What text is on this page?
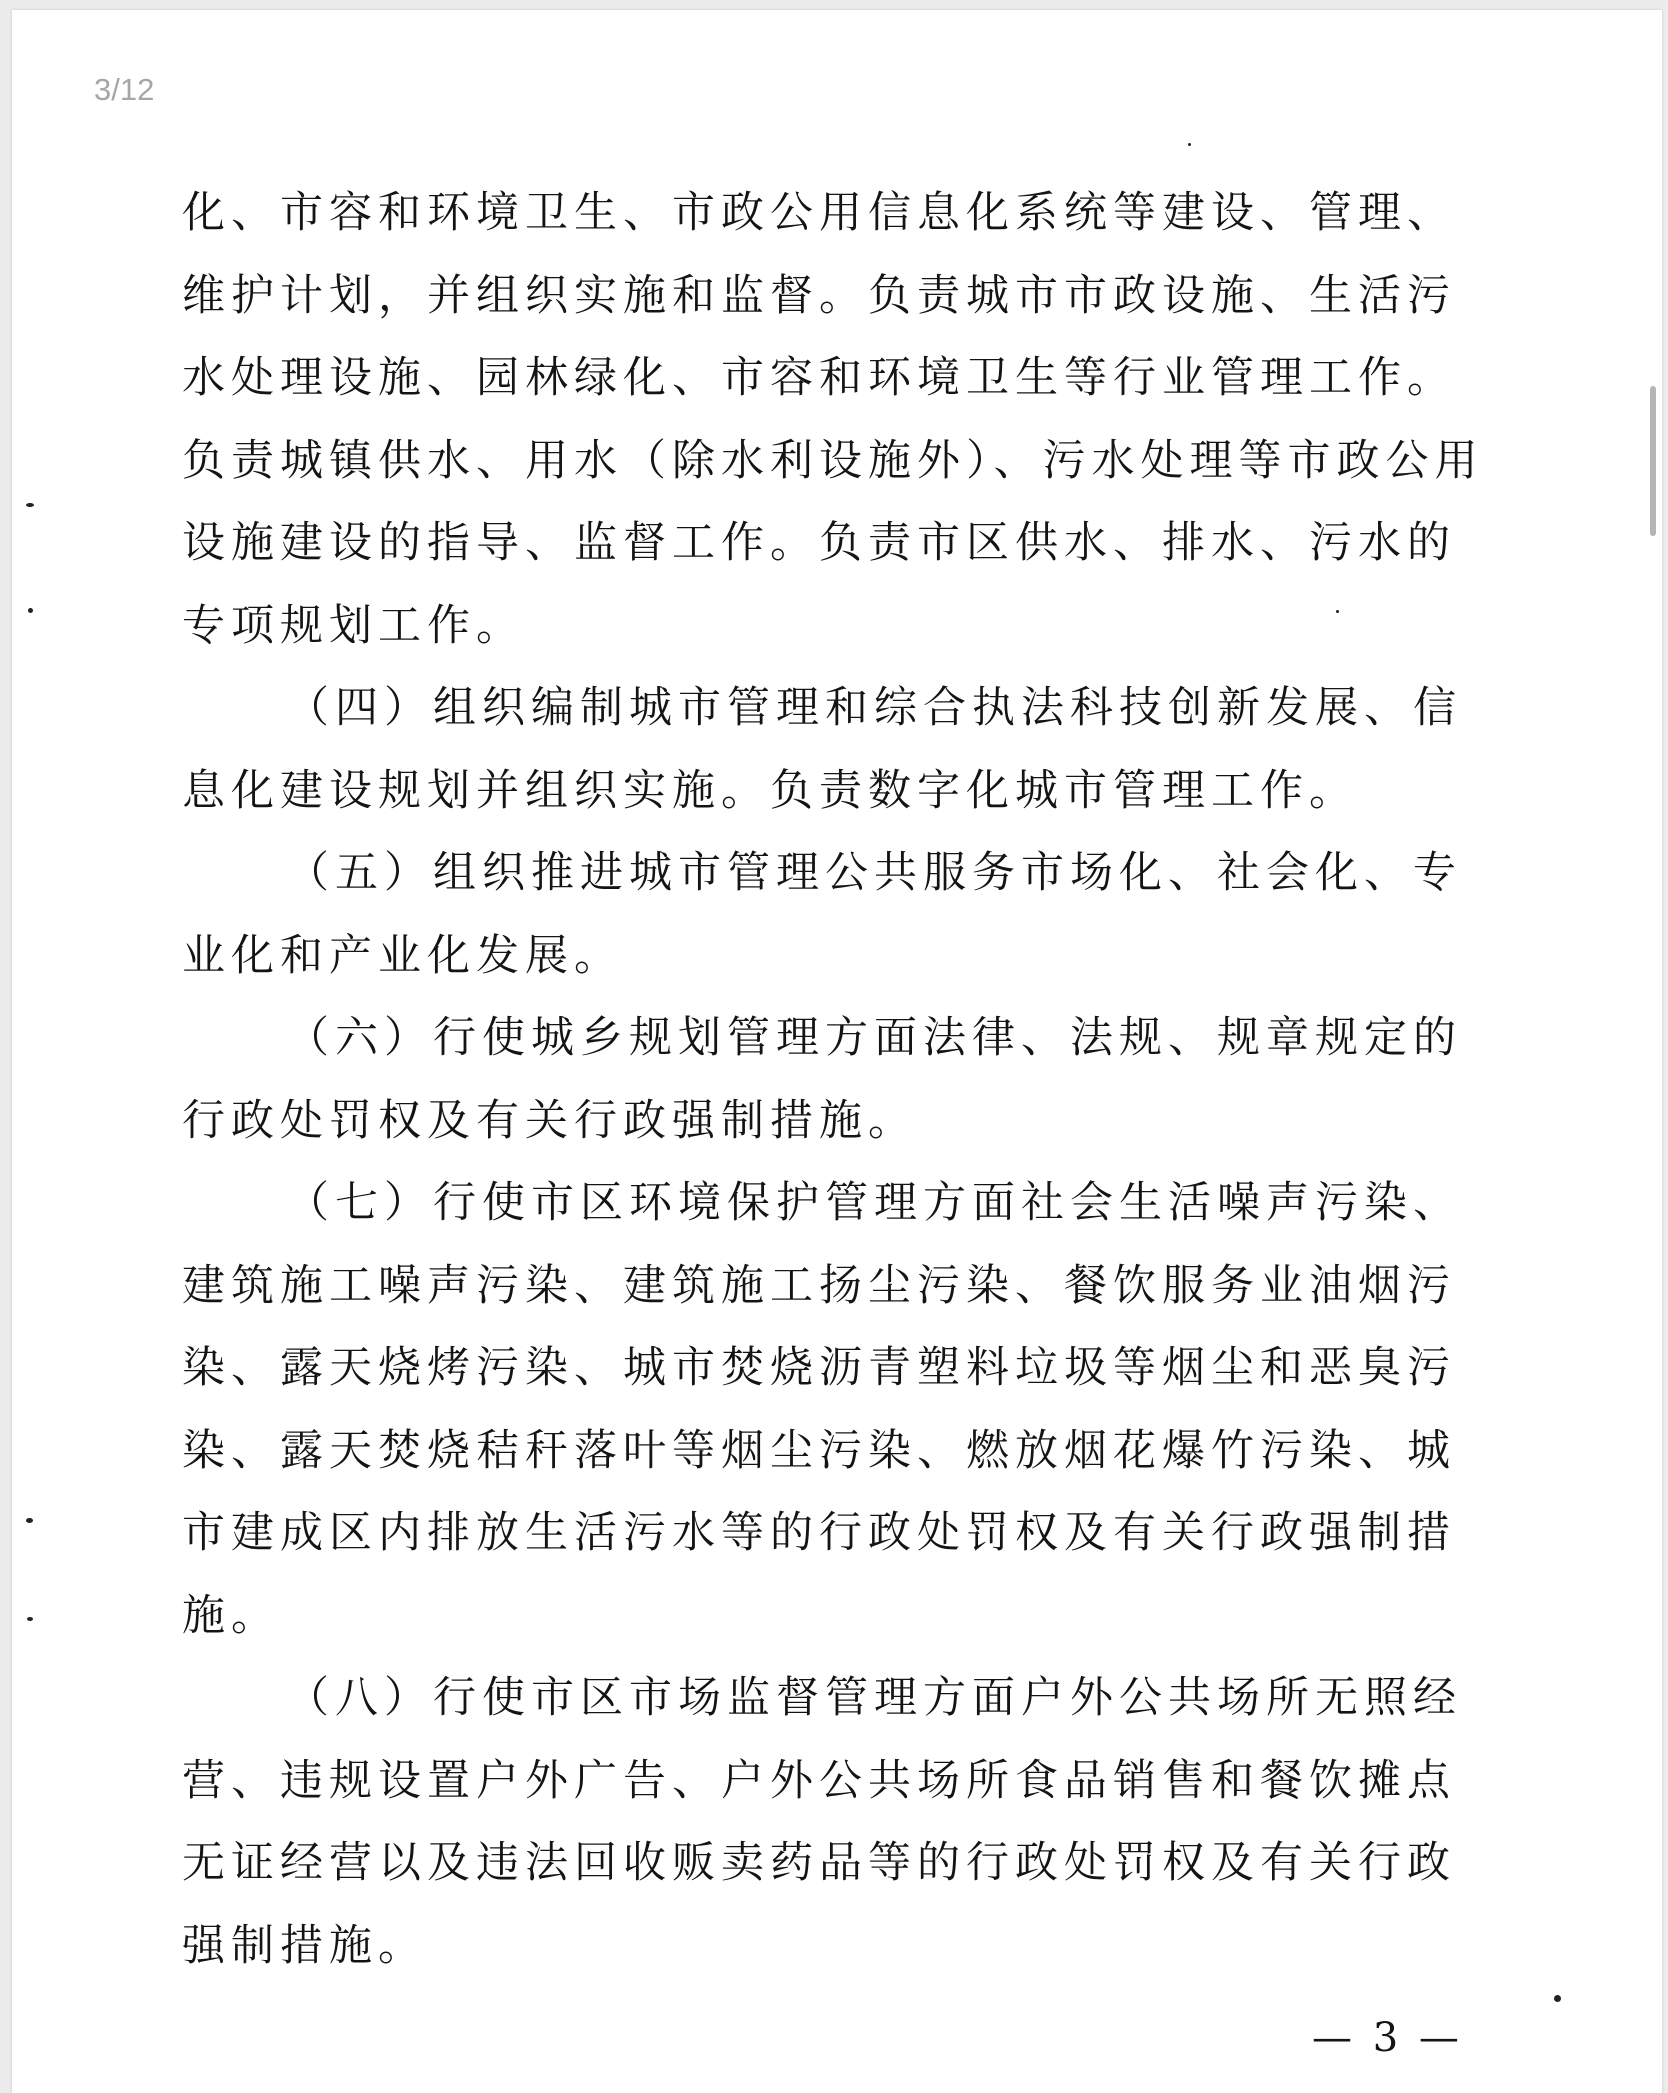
3/12
化、市容和环境卫生、市政公用信息化系统等建设、管理、
维护计划，并组织实施和监督。负责城市市政设施、生活污
水处理设施、园林绿化、市容和环境卫生等行业管理工作。
负责城镇供水、用水（除水利设施外）、污水处理等市政公用
设施建设的指导、监督工作。负责市区供水、排水、污水的
专项规划工作。
（四）组织编制城市管理和综合执法科技创新发展、信
息化建设规划并组织实施。负责数字化城市管理工作。
（五）组织推进城市管理公共服务市场化、社会化、专
业化和产业化发展。
（六）行使城乡规划管理方面法律、法规、规章规定的
行政处罚权及有关行政强制措施。
（七）行使市区环境保护管理方面社会生活噪声污染、
建筑施工噪声污染、建筑施工扬尘污染、餐饮服务业油烟污
染、露天烧烤污染、城市焚烧沥青塑料垃圾等烟尘和恶臭污
染、露天焚烧秸秆落叶等烟尘污染、燃放烟花爆竹污染、城
市建成区内排放生活污水等的行政处罚权及有关行政强制措
施。
（八）行使市区市场监督管理方面户外公共场所无照经
营、违规设置户外广告、户外公共场所食品销售和餐饮摊点
无证经营以及违法回收贩卖药品等的行政处罚权及有关行政
强制措施。
— 3 —
